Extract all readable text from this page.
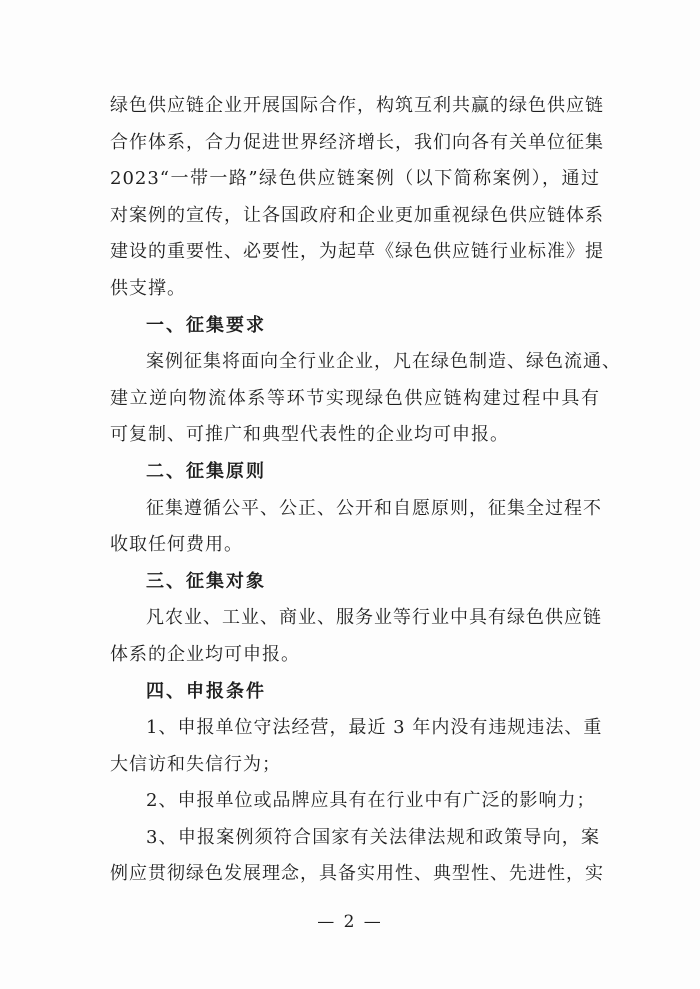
绿色供应链企业开展国际合作，构筑互利共赢的绿色供应链
合作体系，合力促进世界经济增长，我们向各有关单位征集
2023“一带一路”绿色供应链案例（以下简称案例），通过
对案例的宣传，让各国政府和企业更加重视绿色供应链体系
建设的重要性、必要性，为起草《绿色供应链行业标准》提
供支撑。
一、征集要求
案例征集将面向全行业企业，凡在绿色制造、绿色流通、
建立逆向物流体系等环节实现绿色供应链构建过程中具有
可复制、可推广和典型代表性的企业均可申报。
二、征集原则
征集遵循公平、公正、公开和自愿原则，征集全过程不
收取任何费用。
三、征集对象
凡农业、工业、商业、服务业等行业中具有绿色供应链
体系的企业均可申报。
四、申报条件
1、申报单位守法经营，最近 3 年内没有违规违法、重
大信访和失信行为；
2、申报单位或品牌应具有在行业中有广泛的影响力；
3、申报案例须符合国家有关法律法规和政策导向，案
例应贯彻绿色发展理念，具备实用性、典型性、先进性，实
— 2 —
